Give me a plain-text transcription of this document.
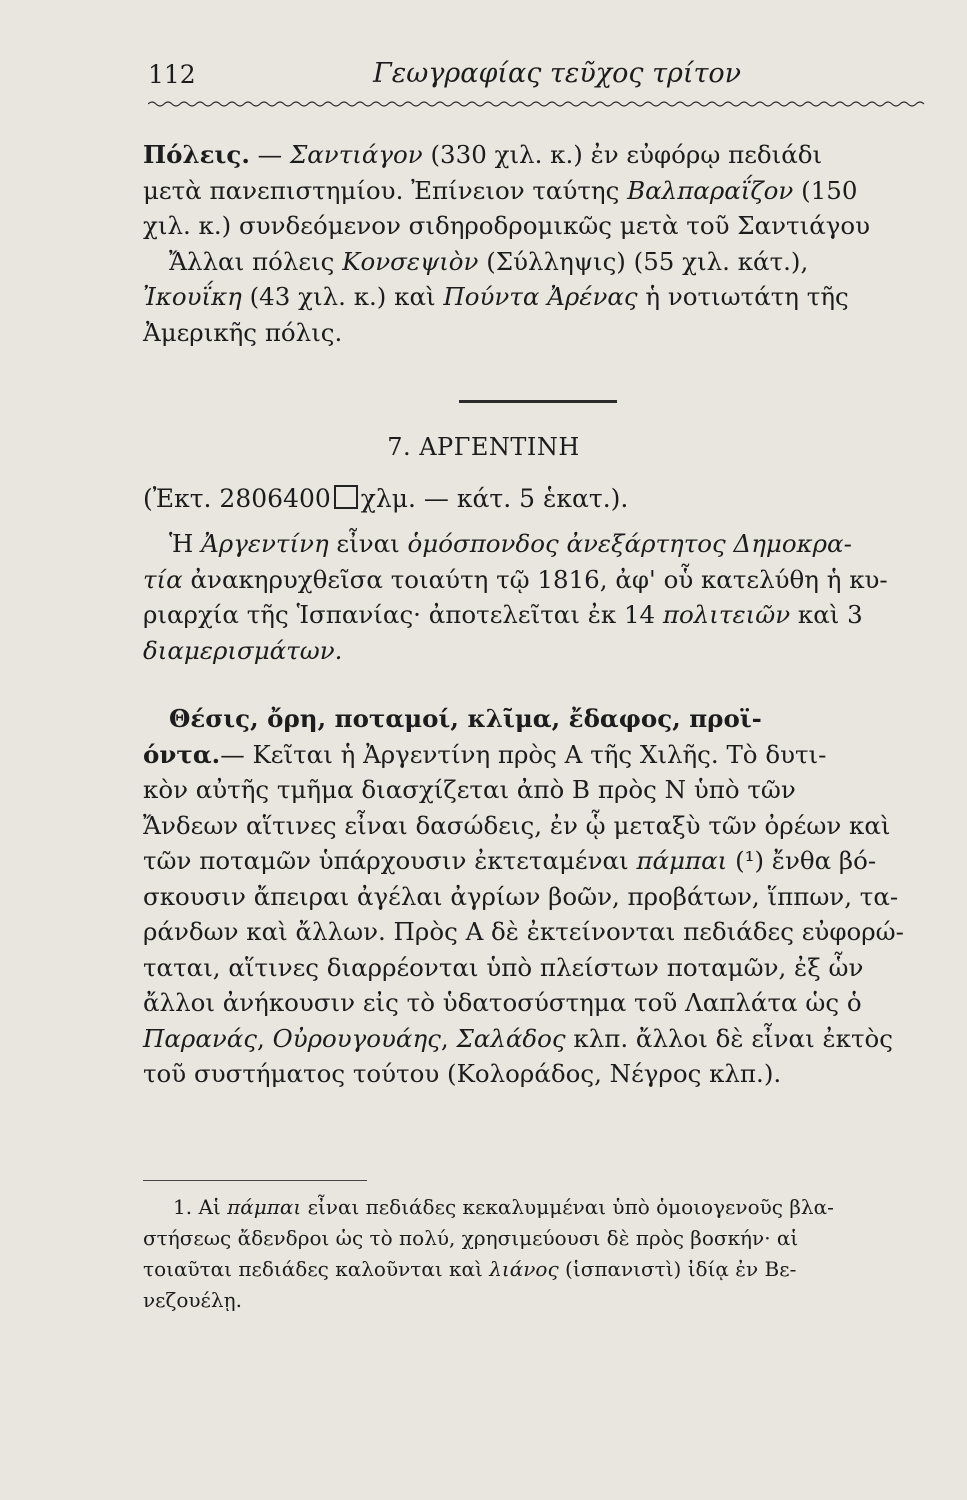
112	Γεωγραφίας τεῦχος τρίτον

Πόλεις. — Σαντιάγον (330 χιλ. κ.) ἐν εὐφόρῳ πεδιάδι
μετὰ πανεπιστημίου. Ἐπίνειον ταύτης Βαλπαραΐζον (150
χιλ. κ.) συνδεόμενον σιδηροδρομικῶς μετὰ τοῦ Σαντιάγου
Ἄλλαι πόλεις Κονσεψιὸν (Σύλληψις) (55 χιλ. κάτ.),
Ἰκουΐκη (43 χιλ. κ.) καὶ Πούντα Ἀρένας ἡ νοτιωτάτη τῆς
Ἀμερικῆς πόλις.

7. ΑΡΓΕΝΤΙΝΗ
(Ἐκτ. 2806400 χλμ. — κάτ. 5 ἑκατ.).

Ἡ Ἀργεντίνη εἶναι ὁμόσπονδος ἀνεξάρτητος Δημοκρα-
τία ἀνακηρυχθεῖσα τοιαύτη τῷ 1816, ἀφ' οὗ κατελύθη ἡ κυ-
ριαρχία τῆς Ἱσπανίας· ἀποτελεῖται ἐκ 14 πολιτειῶν καὶ 3
διαμερισμάτων.

Θέσις, ὄρη, ποταμοί, κλῖμα, ἔδαφος, προϊ-
όντα.— Κεῖται ἡ Ἀργεντίνη πρὸς Α τῆς Χιλῆς. Τὸ δυτι-
κὸν αὐτῆς τμῆμα διασχίζεται ἀπὸ Β πρὸς Ν ὑπὸ τῶν
Ἄνδεων αἵτινες εἶναι δασώδεις, ἐν ᾧ μεταξὺ τῶν ὀρέων καὶ
τῶν ποταμῶν ὑπάρχουσιν ἐκτεταμέναι πάμπαι (¹) ἔνθα βό-
σκουσιν ἄπειραι ἀγέλαι ἀγρίων βοῶν, προβάτων, ἵππων, τα-
ράνδων καὶ ἄλλων. Πρὸς Α δὲ ἐκτείνονται πεδιάδες εὐφορώ-
ταται, αἵτινες διαρρέονται ὑπὸ πλείστων ποταμῶν, ἐξ ὧν
ἄλλοι ἀνήκουσιν εἰς τὸ ὑδατοσύστημα τοῦ Λαπλάτα ὡς ὁ
Παρανάς, Οὐρουγουάης, Σαλάδος κλπ. ἄλλοι δὲ εἶναι ἐκτὸς
τοῦ συστήματος τούτου (Κολοράδος, Νέγρος κλπ.).

1. Αἱ πάμπαι εἶναι πεδιάδες κεκαλυμμέναι ὑπὸ ὁμοιογενοῦς βλα-
στήσεως ἄδενδροι ὡς τὸ πολύ, χρησιμεύουσι δὲ πρὸς βοσκήν· αἱ
τοιαῦται πεδιάδες καλοῦνται καὶ λιάνος (ἱσπανιστὶ) ἰδίᾳ ἐν Βε-
νεζουέλῃ.
